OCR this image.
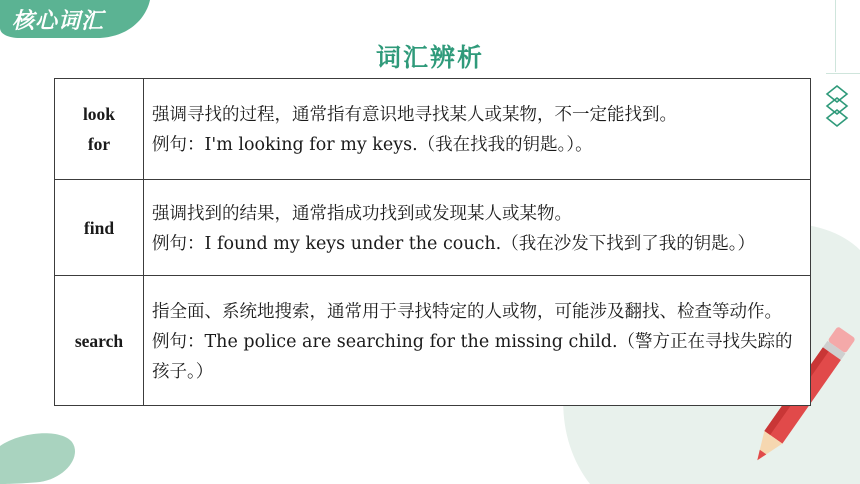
核心词汇
词汇辨析
look for	强调寻找的过程，通常指有意识地寻找某人或某物，不一定能找到。

例句：I'm looking for my keys.（我在找我的钥匙。）。

find	强调找到的结果，通常指成功找到或发现某人或某物。

例句：I found my keys under the couch.（我在沙发下找到了我的钥匙。）

search	指全面、系统地搜索，通常用于寻找特定的人或物，可能涉及翻找、检查等动作。

例句：The police are searching for the missing child.（警方正在寻找失踪的孩子。）
